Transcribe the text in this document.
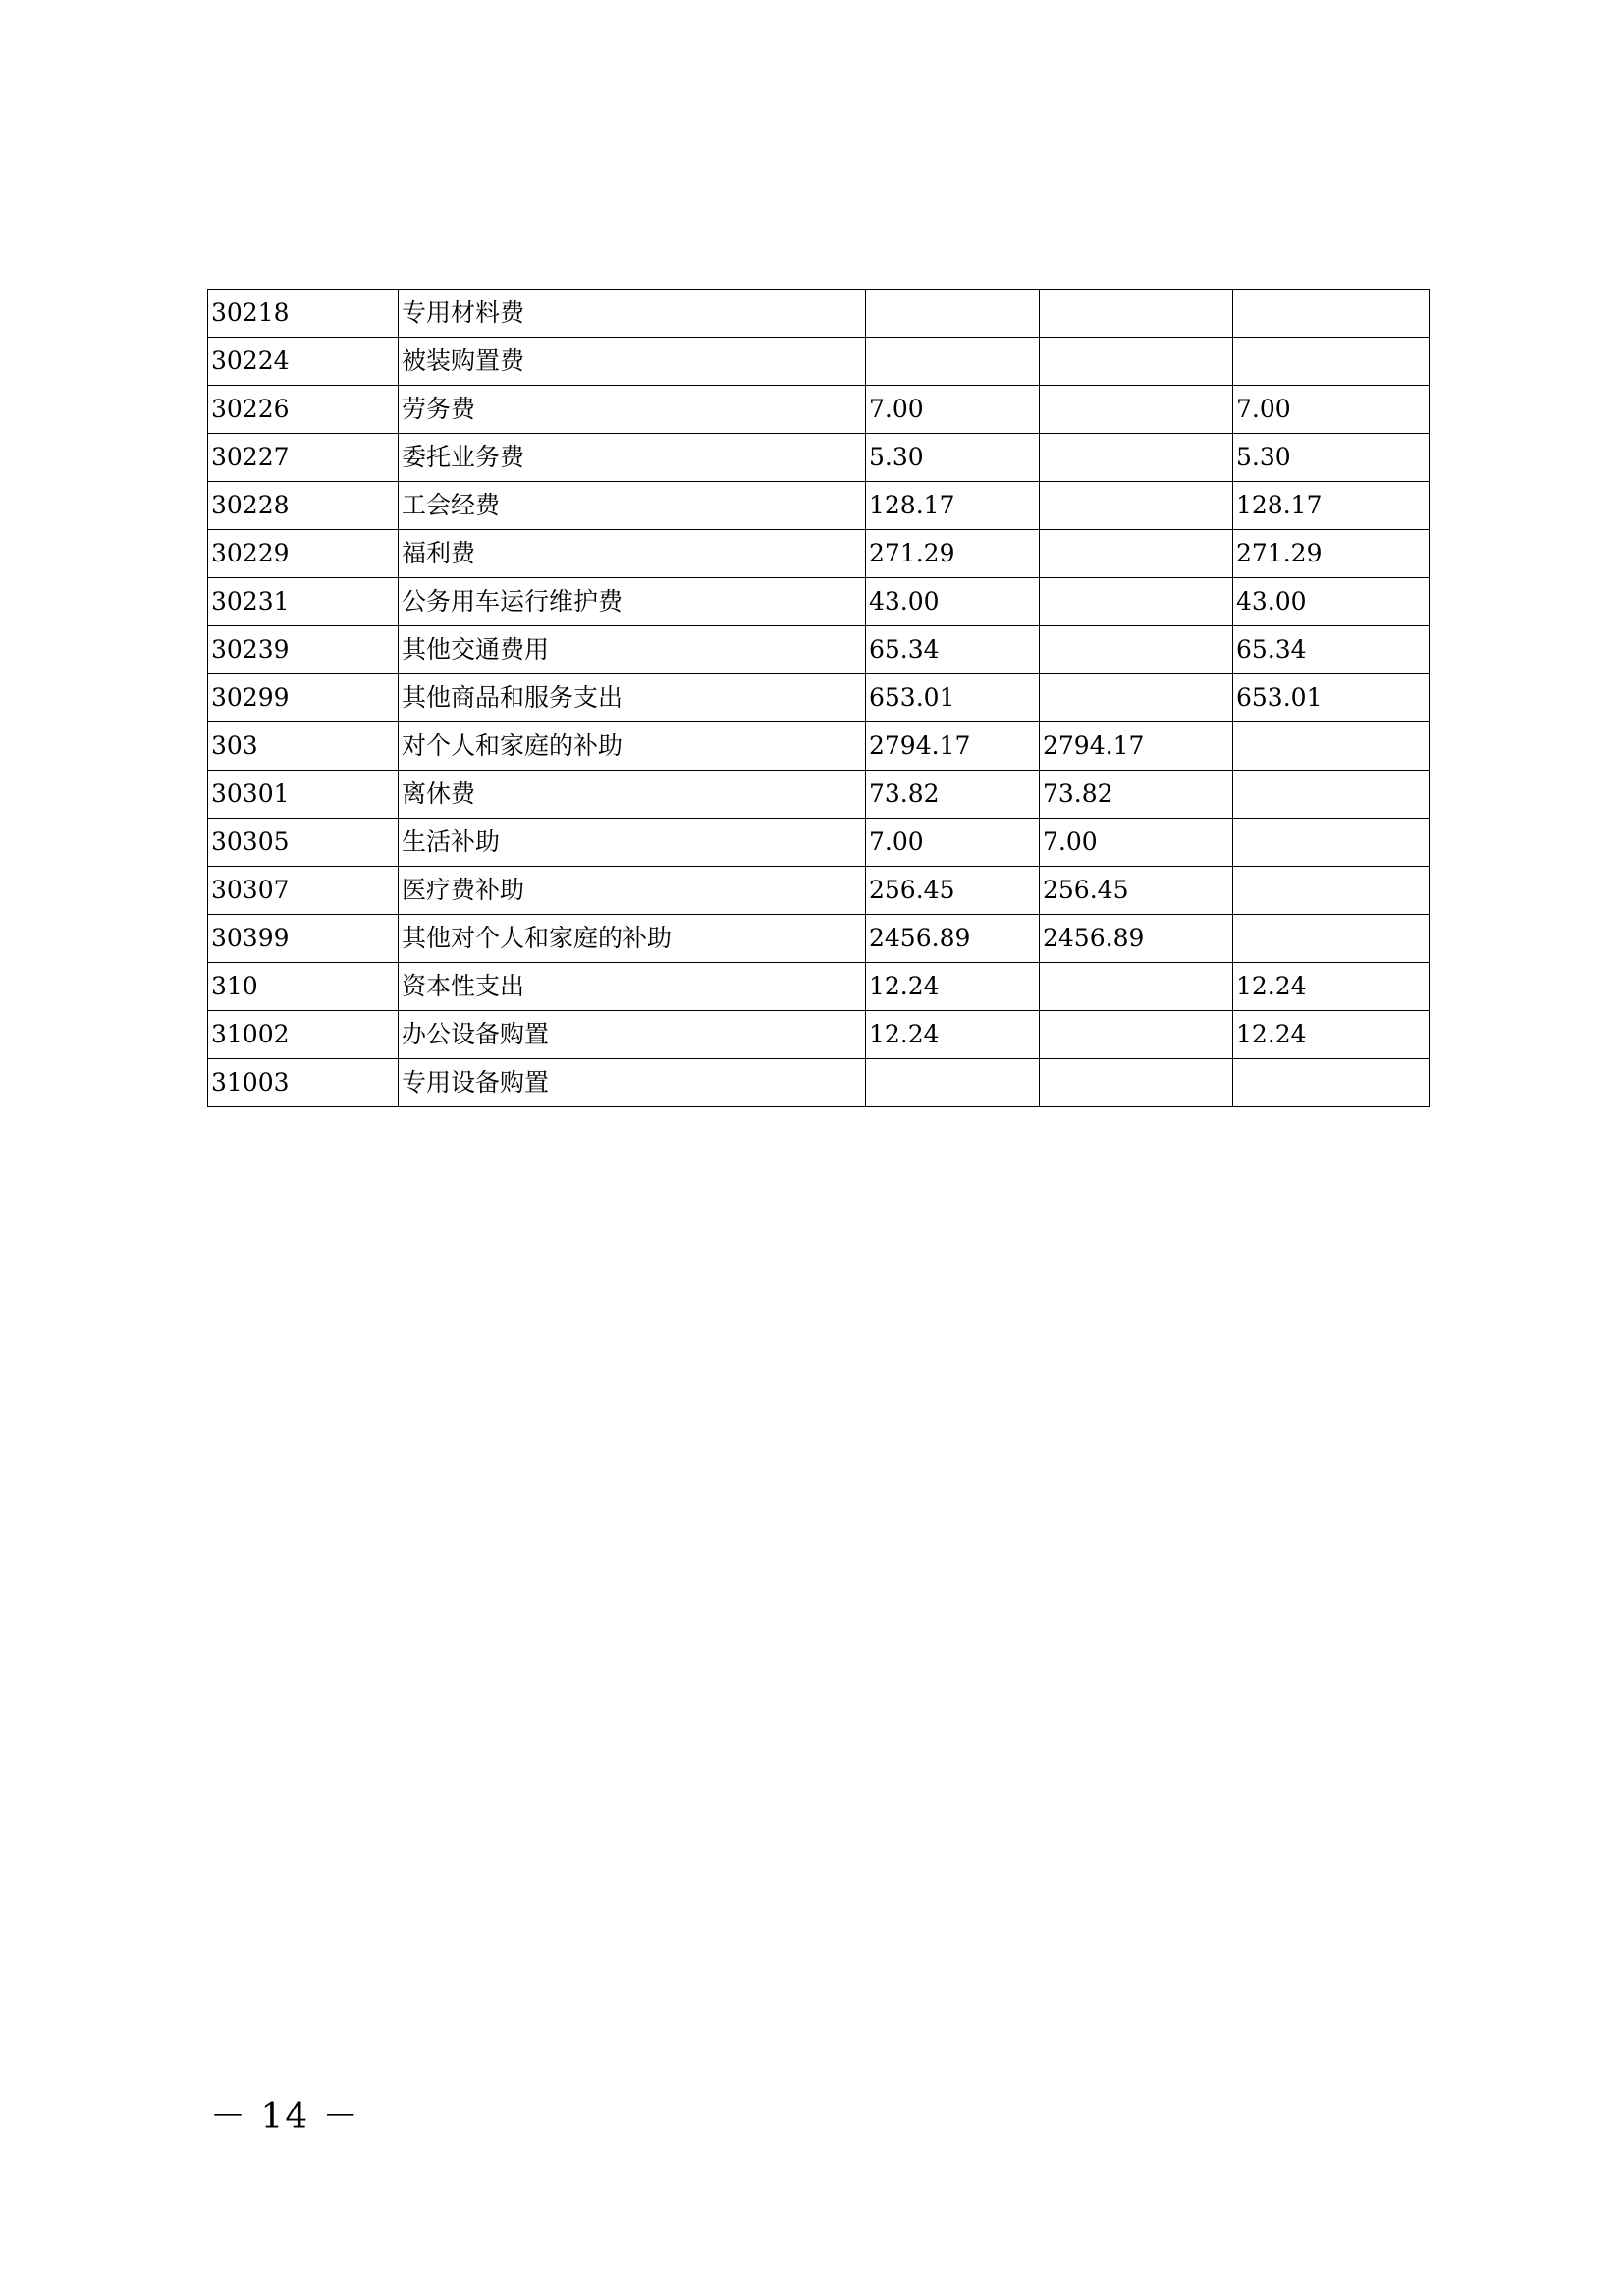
30218	专用材料费			
30224	被装购置费			
30226	劳务费	7.00		7.00
30227	委托业务费	5.30		5.30
30228	工会经费	128.17		128.17
30229	福利费	271.29		271.29
30231	公务用车运行维护费	43.00		43.00
30239	其他交通费用	65.34		65.34
30299	其他商品和服务支出	653.01		653.01
303	对个人和家庭的补助	2794.17	2794.17	
30301	离休费	73.82	73.82	
30305	生活补助	7.00	7.00	
30307	医疗费补助	256.45	256.45	
30399	其他对个人和家庭的补助	2456.89	2456.89	
310	资本性支出	12.24		12.24
31002	办公设备购置	12.24		12.24
31003	专用设备购置			
－ 14 －
